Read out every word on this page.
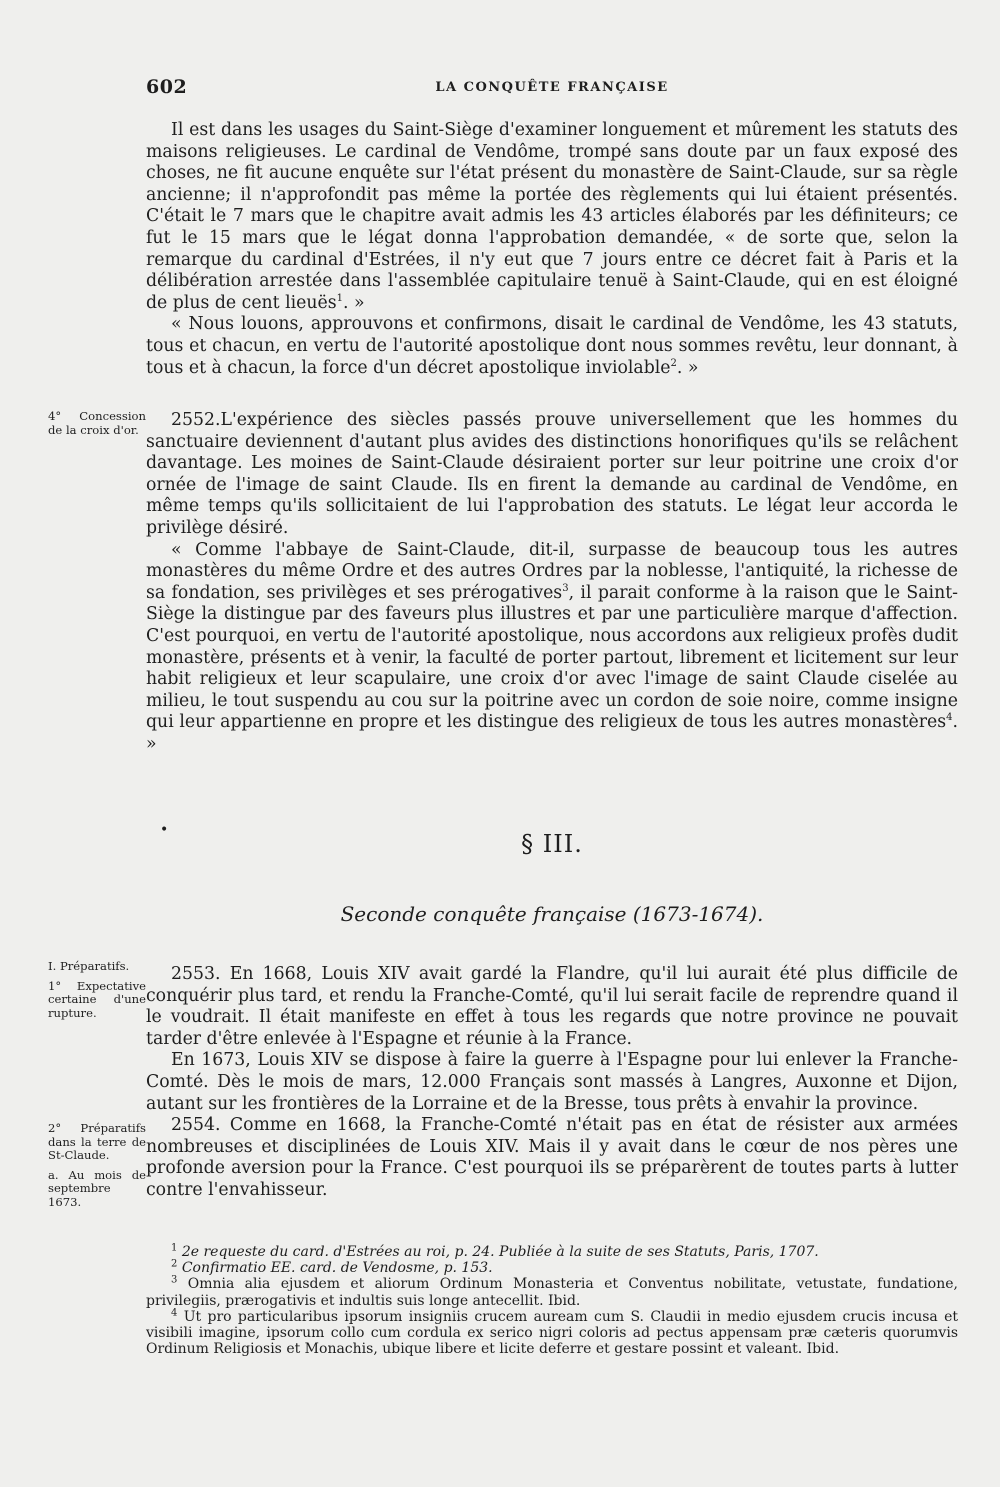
602	LA CONQUÊTE FRANÇAISE

Il est dans les usages du Saint-Siège d'examiner longuement et mûrement les statuts des maisons religieuses. Le cardinal de Vendôme, trompé sans doute par un faux exposé des choses, ne fit aucune enquête sur l'état présent du monastère de Saint-Claude, sur sa règle ancienne; il n'approfondit pas même la portée des règlements qui lui étaient présentés. C'était le 7 mars que le chapitre avait admis les 43 articles élaborés par les définiteurs; ce fut le 15 mars que le légat donna l'approbation demandée, « de sorte que, selon la remarque du cardinal d'Estrées, il n'y eut que 7 jours entre ce décret fait à Paris et la délibération arrestée dans l'assemblée capitulaire tenuë à Saint-Claude, qui en est éloigné de plus de cent lieuës$^1$. »

« Nous louons, approuvons et confirmons, disait le cardinal de Vendôme, les 43 statuts, tous et chacun, en vertu de l'autorité apostolique dont nous sommes revêtu, leur donnant, à tous et à chacun, la force d'un décret apostolique inviolable$^2$. »

4° Concession de la croix d'or.	2552.L'expérience des siècles passés prouve universellement que les hommes du sanctuaire deviennent d'autant plus avides des distinctions honorifiques qu'ils se relâchent davantage. Les moines de Saint-Claude désiraient porter sur leur poitrine une croix d'or ornée de l'image de saint Claude. Ils en firent la demande au cardinal de Vendôme, en même temps qu'ils sollicitaient de lui l'approbation des statuts. Le légat leur accorda le privilège désiré.

« Comme l'abbaye de Saint-Claude, dit-il, surpasse de beaucoup tous les autres monastères du même Ordre et des autres Ordres par la noblesse, l'antiquité, la richesse de sa fondation, ses privilèges et ses prérogatives$^3$, il parait conforme à la raison que le Saint-Siège la distingue par des faveurs plus illustres et par une particulière marque d'affection. C'est pourquoi, en vertu de l'autorité apostolique, nous accordons aux religieux profès dudit monastère, présents et à venir, la faculté de porter partout, librement et licitement sur leur habit religieux et leur scapulaire, une croix d'or avec l'image de saint Claude ciselée au milieu, le tout suspendu au cou sur la poitrine avec un cordon de soie noire, comme insigne qui leur appartienne en propre et les distingue des religieux de tous les autres monastères$^4$. »

•	§ III.
Seconde conquête française (1673-1674).
I. Préparatifs.
1° Expectative certaine d'une rupture.
2° Préparatifs dans la terre de St-Claude.
a. Au mois de septembre 1673.

2553. En 1668, Louis XIV avait gardé la Flandre, qu'il lui aurait été plus difficile de conquérir plus tard, et rendu la Franche-Comté, qu'il lui serait facile de reprendre quand il le voudrait. Il était manifeste en effet à tous les regards que notre province ne pouvait tarder d'être enlevée à l'Espagne et réunie à la France.

En 1673, Louis XIV se dispose à faire la guerre à l'Espagne pour lui enlever la Franche-Comté. Dès le mois de mars, 12.000 Français sont massés à Langres, Auxonne et Dijon, autant sur les frontières de la Lorraine et de la Bresse, tous prêts à envahir la province.

2554. Comme en 1668, la Franche-Comté n'était pas en état de résister aux armées nombreuses et disciplinées de Louis XIV. Mais il y avait dans le cœur de nos pères une profonde aversion pour la France. C'est pourquoi ils se préparèrent de toutes parts à lutter contre l'envahisseur.

$^1$ 2e requeste du card. d'Estrées au roi, p. 24. Publiée à la suite de ses Statuts, Paris, 1707.

$^2$ Confirmatio EE. card. de Vendosme, p. 153.

$^3$ Omnia alia ejusdem et aliorum Ordinum Monasteria et Conventus nobilitate, vetustate, fundatione, privilegiis, prærogativis et indultis suis longe antecellit. Ibid.

$^4$ Ut pro particularibus ipsorum insigniis crucem auream cum S. Claudii in medio ejusdem crucis incusa et visibili imagine, ipsorum collo cum cordula ex serico nigri coloris ad pectus appensam præ cæteris quorumvis Ordinum Religiosis et Monachis, ubique libere et licite deferre et gestare possint et valeant. Ibid.
